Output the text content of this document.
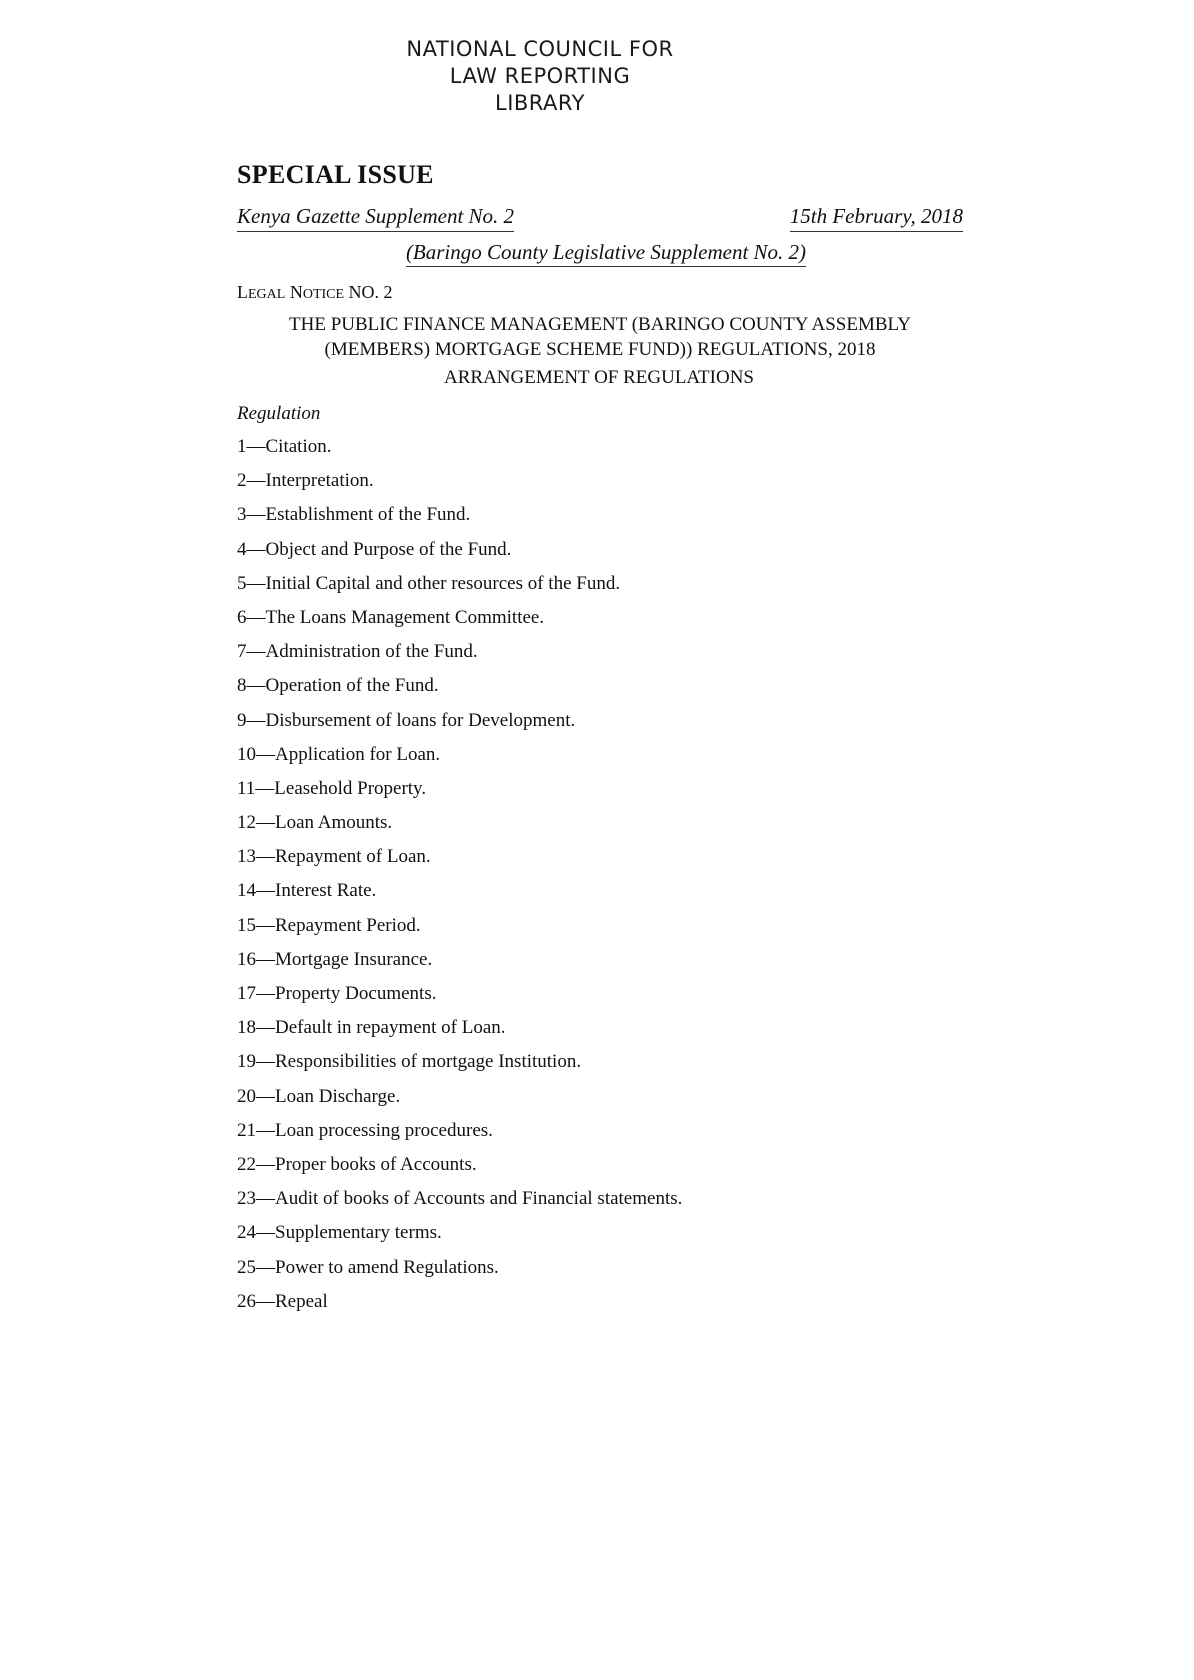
NATIONAL COUNCIL FOR
LAW REPORTING
LIBRARY
SPECIAL ISSUE
Kenya Gazette Supplement No. 2	15th February, 2018
(Baringo County Legislative Supplement No. 2)
LEGAL NOTICE NO. 2
THE PUBLIC FINANCE MANAGEMENT (BARINGO COUNTY ASSEMBLY
(MEMBERS) MORTGAGE SCHEME FUND)) REGULATIONS, 2018
ARRANGEMENT OF REGULATIONS
Regulation
1—Citation.
2—Interpretation.
3—Establishment of the Fund.
4—Object and Purpose of the Fund.
5—Initial Capital and other resources of the Fund.
6—The Loans Management Committee.
7—Administration of the Fund.
8—Operation of the Fund.
9—Disbursement of loans for Development.
10—Application for Loan.
11—Leasehold Property.
12—Loan Amounts.
13—Repayment of Loan.
14—Interest Rate.
15—Repayment Period.
16—Mortgage Insurance.
17—Property Documents.
18—Default in repayment of Loan.
19—Responsibilities of mortgage Institution.
20—Loan Discharge.
21—Loan processing procedures.
22—Proper books of Accounts.
23—Audit of books of Accounts and Financial statements.
24—Supplementary terms.
25—Power to amend Regulations.
26—Repeal
